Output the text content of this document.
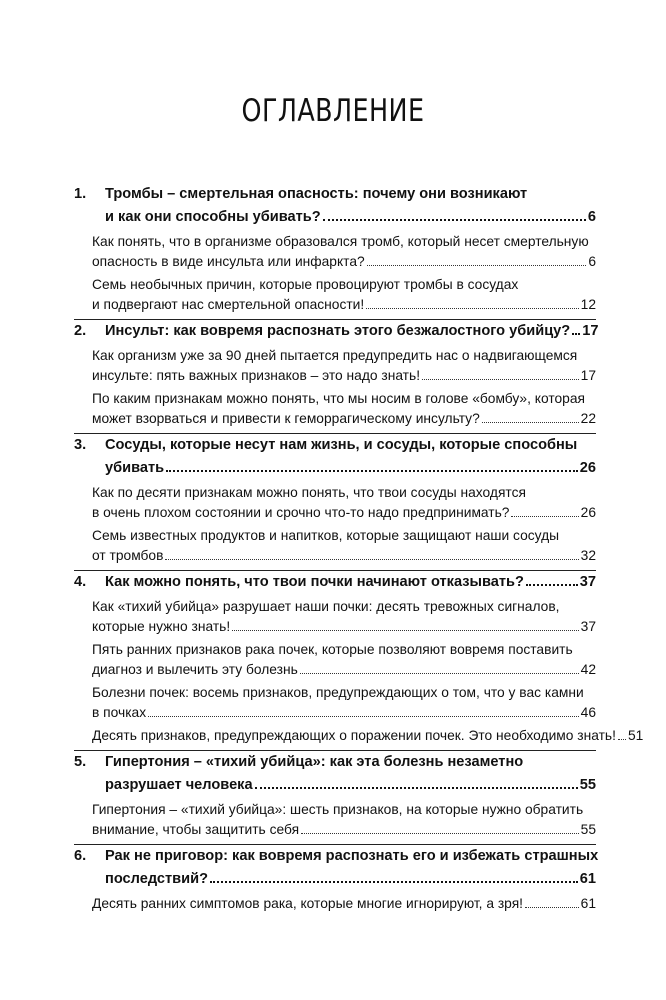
ОГЛАВЛЕНИЕ
1.	Тромбы – смертельная опасность: почему они возникают
и как они способны убивать?	6
Как понять, что в организме образовался тромб, который несет смертельную
опасность в виде инсульта или инфаркта?	6
Семь необычных причин, которые провоцируют тромбы в сосудах
и подвергают нас смертельной опасности!	12
2.	Инсульт: как вовремя распознать этого безжалостного убийцу? 17
Как организм уже за 90 дней пытается предупредить нас о надвигающемся
инсульте: пять важных признаков – это надо знать!	17
По каким признакам можно понять, что мы носим в голове «бомбу», которая
может взорваться и привести к геморрагическому инсульту?	22
3.	Сосуды, которые несут нам жизнь, и сосуды, которые способны
убивать	26
Как по десяти признакам можно понять, что твои сосуды находятся
в очень плохом состоянии и срочно что-то надо предпринимать?	26
Семь известных продуктов и напитков, которые защищают наши сосуды
от тромбов	32
4.	Как можно понять, что твои почки начинают отказывать?	37
Как «тихий убийца» разрушает наши почки: десять тревожных сигналов,
которые нужно знать!	37
Пять ранних признаков рака почек, которые позволяют вовремя поставить
диагноз и вылечить эту болезнь	42
Болезни почек: восемь признаков, предупреждающих о том, что у вас камни
в почках	46
Десять признаков, предупреждающих о поражении почек. Это необходимо знать! 51
5.	Гипертония – «тихий убийца»: как эта болезнь незаметно
разрушает человека	55
Гипертония – «тихий убийца»: шесть признаков, на которые нужно обратить
внимание, чтобы защитить себя	55
6.	Рак не приговор: как вовремя распознать его и избежать страшных
последствий?	61
Десять ранних симптомов рака, которые многие игнорируют, а зря!	61
